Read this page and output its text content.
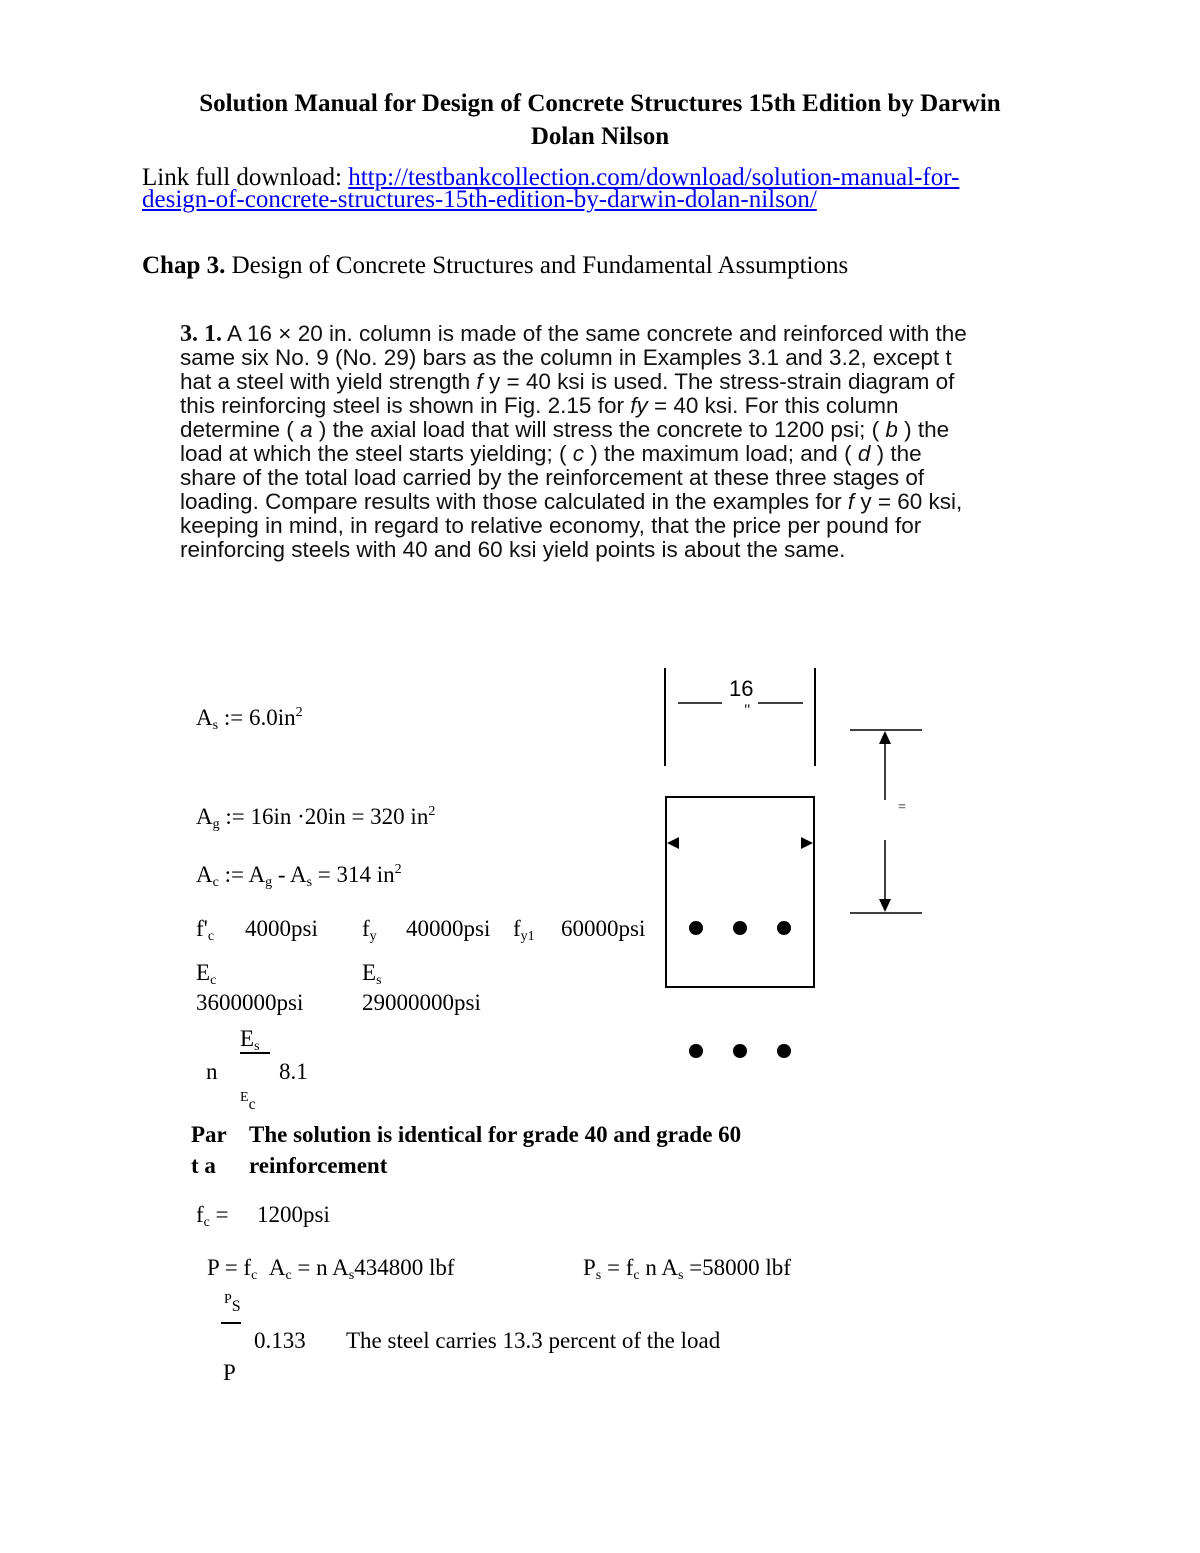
Solution Manual for Design of Concrete Structures 15th Edition by Darwin
Dolan Nilson
Link full download: http://testbankcollection.com/download/solution-manual-for-
design-of-concrete-structures-15th-edition-by-darwin-dolan-nilson/
Chap 3. Design of Concrete Structures and Fundamental Assumptions
3. 1. A 16 × 20 in. column is made of the same concrete and reinforced with the same six No. 9 (No. 29) bars as the column in Examples 3.1 and 3.2, except t hat a steel with yield strength f y = 40 ksi is used. The stress-strain diagram of this reinforcing steel is shown in Fig. 2.15 for fy = 40 ksi. For this column determine ( a ) the axial load that will stress the concrete to 1200 psi; ( b ) the load at which the steel starts yielding; ( c ) the maximum load; and ( d ) the share of the total load carried by the reinforcement at these three stages of loading. Compare results with those calculated in the examples for f y = 60 ksi, keeping in mind, in regard to relative economy, that the price per pound for reinforcing steels with 40 and 60 ksi yield points is about the same.
16
"
=
$A_s$ := $6.0in^2$
$A_g$ := 16in ·20in = 320 $in^2$
$A_c$ := $A_g - A_s = 314$ $in^2$
$f'_c$ 4000psi $f_y$ 40000psi $f_{y1}$ 60000psi
$E_c$	$E_s$
3600000psi	29000000psi
$E_s$
n	8.1
Ec
Par
t a
The solution is identical for grade 40 and grade 60
reinforcement
$f_c = 1200psi$
$P = f_c$ $A_c = n$ $A_s434800$ lbf	$P_s = f_c$ n $A_s =58000$ lbf
PS
0.133 The steel carries 13.3 percent of the load
P
